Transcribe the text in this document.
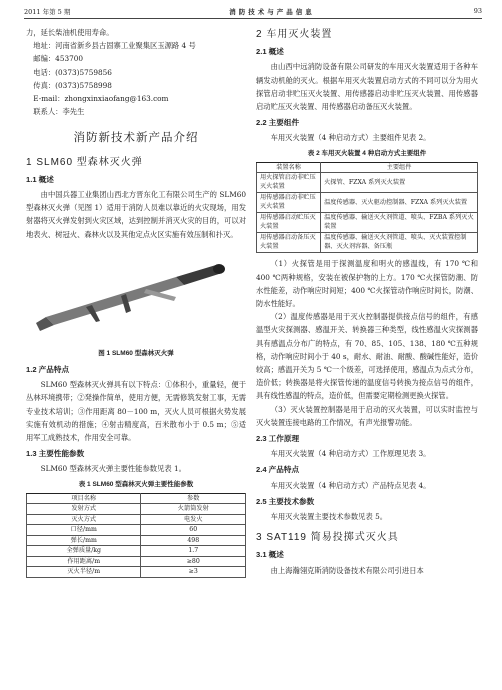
2011 年第 5 期	消防技术与产品信息	93

力，延长柴油机使用寿命。

地址：河南省新乡县古固寨工业聚集区玉源路 4 号
邮编：453700
电话：(0373)5759856
传真：(0373)5758998
E-mail：zhongxinxiaofang@163.com
联系人：李先生
消防新技术新产品介绍
1 SLM60 型森林灭火弹
1.1 概述

由中国兵器工业集团山西北方晋东化工有限公司生产的 SLM60 型森林灭火弹（见图 1）适用于消防人员难以靠近的火灾现场，用发射器将灭火弹发射到火灾区域，达到控制并消灭火灾的目的，可以对地表火、树冠火、森林火以及其他定点火区实施有效压制和扑灭。

图 1 SLM60 型森林灭火弹
1.2 产品特点

SLM60 型森林灭火弹具有以下特点：①体积小，重量轻，便于丛林环境携带；②発操作简单，使用方便，无需修筑发射工事，无需专业技术培训；③作用距离 80－100 m，灭火人员可根据火势发展实施有效机动的措施；④射击精度高，百米散布小于 0.5 m；⑤适用军工成熟技术，作用安全可靠。

1.3 主要性能参数

SLM60 型森林灭火弹主要性能参数见表 1。

表 1 SLM60 型森林灭火弹主要性能参数
项目名称	参数
发射方式	火箭筒发射
灭火方式	电发火
口径/mm	60
弹长/mm	498
全弹质量/kg	1.7
作用距离/m	≥80
灭火半径/m	≥3
2 车用灭火装置
2.1 概述

由山西中远消防设备有限公司研发的车用灭火装置适用于各种车辆发动机舱的灭火。根据车用灭火装置启动方式的不同可以分为用火探管启动非贮压灭火装置、用传感器启动非贮压灭火装置、用传感器启动贮压灭火装置、用传感器启动备压灭火装置。

2.2 主要组件

车用灭火装置（4 种启动方式）主要组件见表 2。

表 2 车用灭火装置 4 种启动方式主要组件
装置名称	主要组件
用火探管启动非贮压灭火装置	火探管、FZXA 系列灭火装置
用传感器启动非贮压灭火装置	温度传感器、灭火驱动控制器、FZXA 系列灭火装置
用传感器启动贮压灭火装置	温度传感器、输送灭火剂管道、喷头、FZBA 系列灭火装置
用传感器启动备压灭火装置	温度传感器、输送灭火剂管道、喷头、灭火装置控制器、灭火剂容器、备压瓶

（1）火探管是用于探测温度和明火的感温线，有 170 ℃和 400 ℃两种规格，安装在被保护物的上方。170 ℃火探管防潮、防水性能差，动作响应时间短；400 ℃火探管动作响应时间长，防潮、防水性能好。

（2）温度传感器是用于灭火控制器提供接点信号的组件，有感温型火灾探测器、感温开关、转换器三种类型，线性感温火灾探测器具有感温点分布广的特点，有 70、85、105、138、180 ℃五种规格，动作响应时间小于 40 s，耐水、耐油、耐酸、酸碱性能好，造价较高；感温开关为 5 ℃一个级差，可选择使用，感温点为点式分布，造价低；转换器是将火探管传递的温度信号转换为接点信号的组件，具有线性感温的特点，造价低，但需要定期检测更换火探管。

（3）灭火装置控制器是用于启动的灭火装置，可以实时监控与灭火装置连接电路的工作情况，有声光报警功能。

2.3 工作原理

车用灭火装置（4 种启动方式）工作原理见表 3。

2.4 产品特点

车用灭火装置（4 种启动方式）产品特点见表 4。

2.5 主要技术参数

车用灭火装置主要技术参数见表 5。

3 SAT119 简易投掷式灭火具
3.1 概述

由上海瀚翎克斯消防设备技术有限公司引进日本
